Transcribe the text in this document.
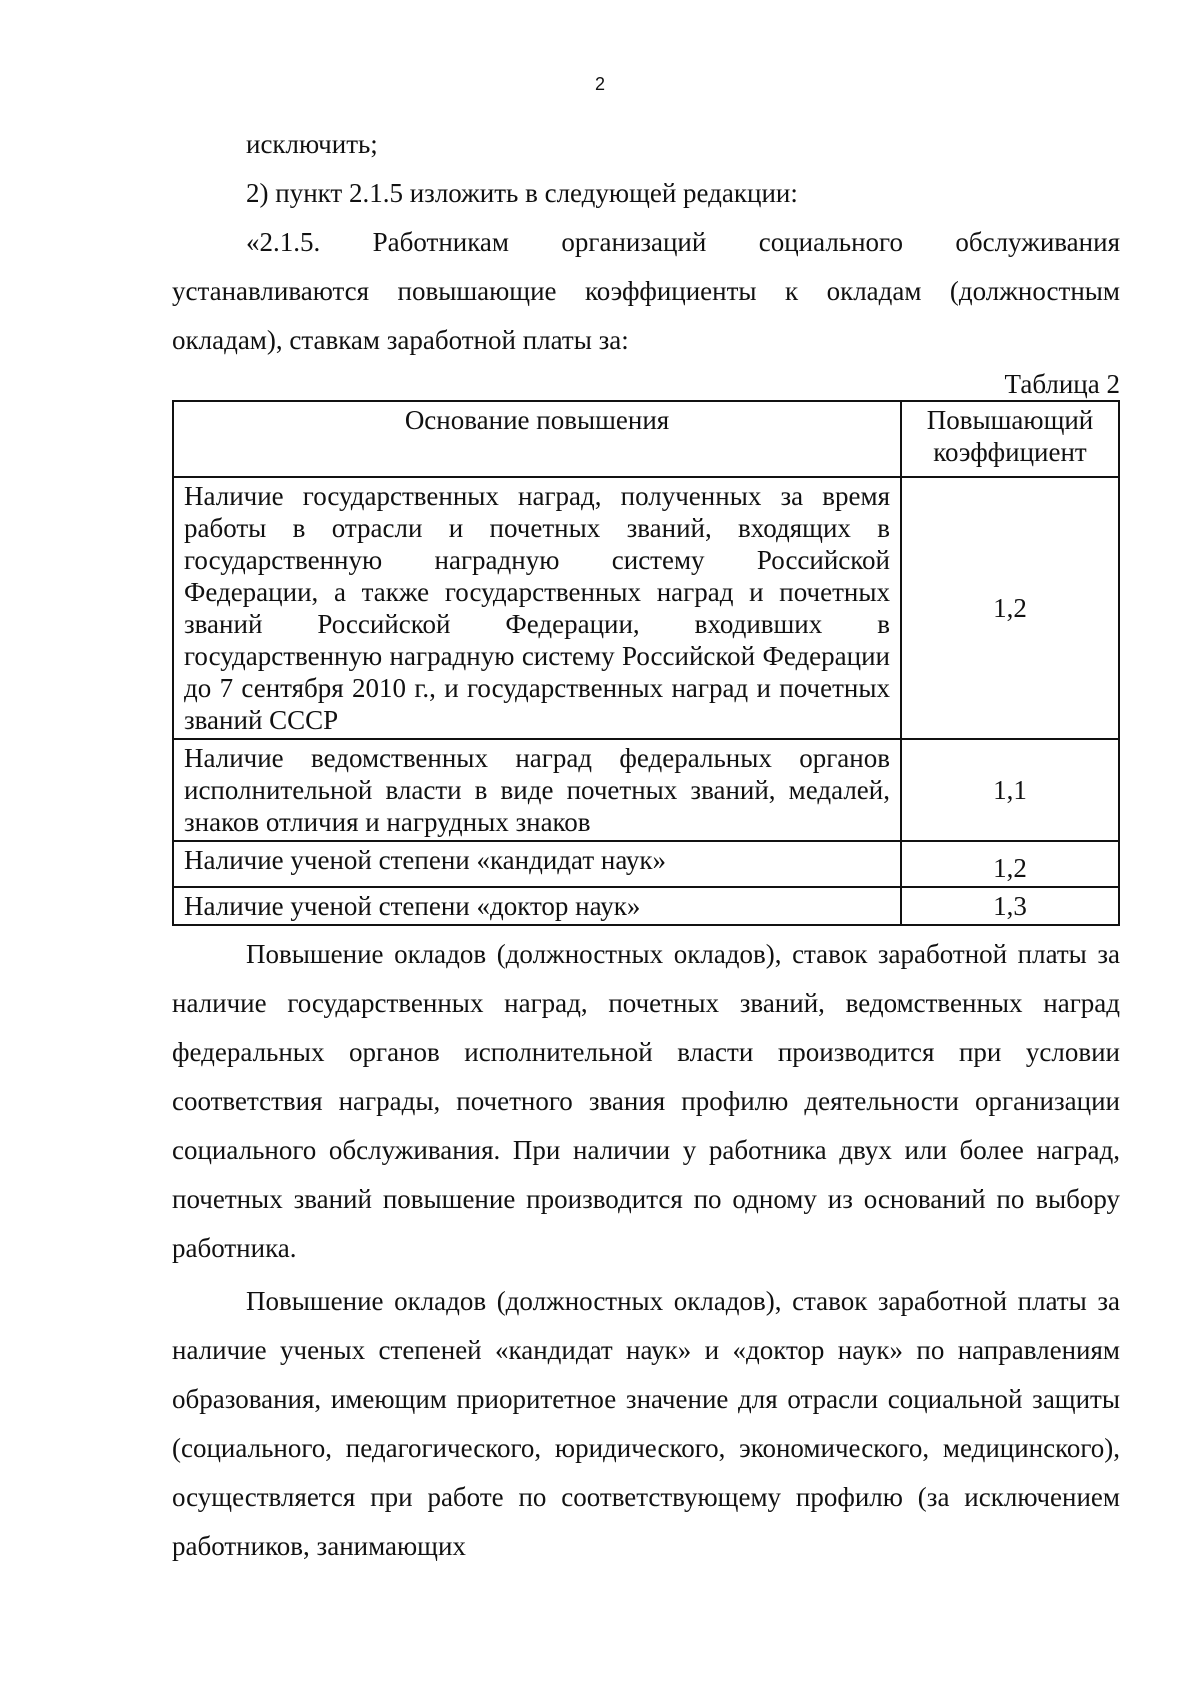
2

исключить;

2) пункт 2.1.5 изложить в следующей редакции:

«2.1.5. Работникам организаций социального обслуживания устанавливаются повышающие коэффициенты к окладам (должностным окладам), ставкам заработной платы за:

Таблица 2
Основание повышения	Повышающий коэффициент
Наличие государственных наград, полученных за время работы в отрасли и почетных званий, входящих в государственную наградную систему Российской Федерации, а также государственных наград и почетных званий Российской Федерации, входивших в государственную наградную систему Российской Федерации до 7 сентября 2010 г., и государственных наград и почетных званий СССР	1,2
Наличие ведомственных наград федеральных органов исполнительной власти в виде почетных званий, медалей, знаков отличия и нагрудных знаков	1,1
Наличие ученой степени «кандидат наук»	1,2
Наличие ученой степени «доктор наук»	1,3

Повышение окладов (должностных окладов), ставок заработной платы за наличие государственных наград, почетных званий, ведомственных наград федеральных органов исполнительной власти производится при условии соответствия награды, почетного звания профилю деятельности организации социального обслуживания. При наличии у работника двух или более наград, почетных званий повышение производится по одному из оснований по выбору работника.

Повышение окладов (должностных окладов), ставок заработной платы за наличие ученых степеней «кандидат наук» и «доктор наук» по направлениям образования, имеющим приоритетное значение для отрасли социальной защиты (социального, педагогического, юридического, экономического, медицинского), осуществляется при работе по соответствующему профилю (за исключением работников, занимающих
